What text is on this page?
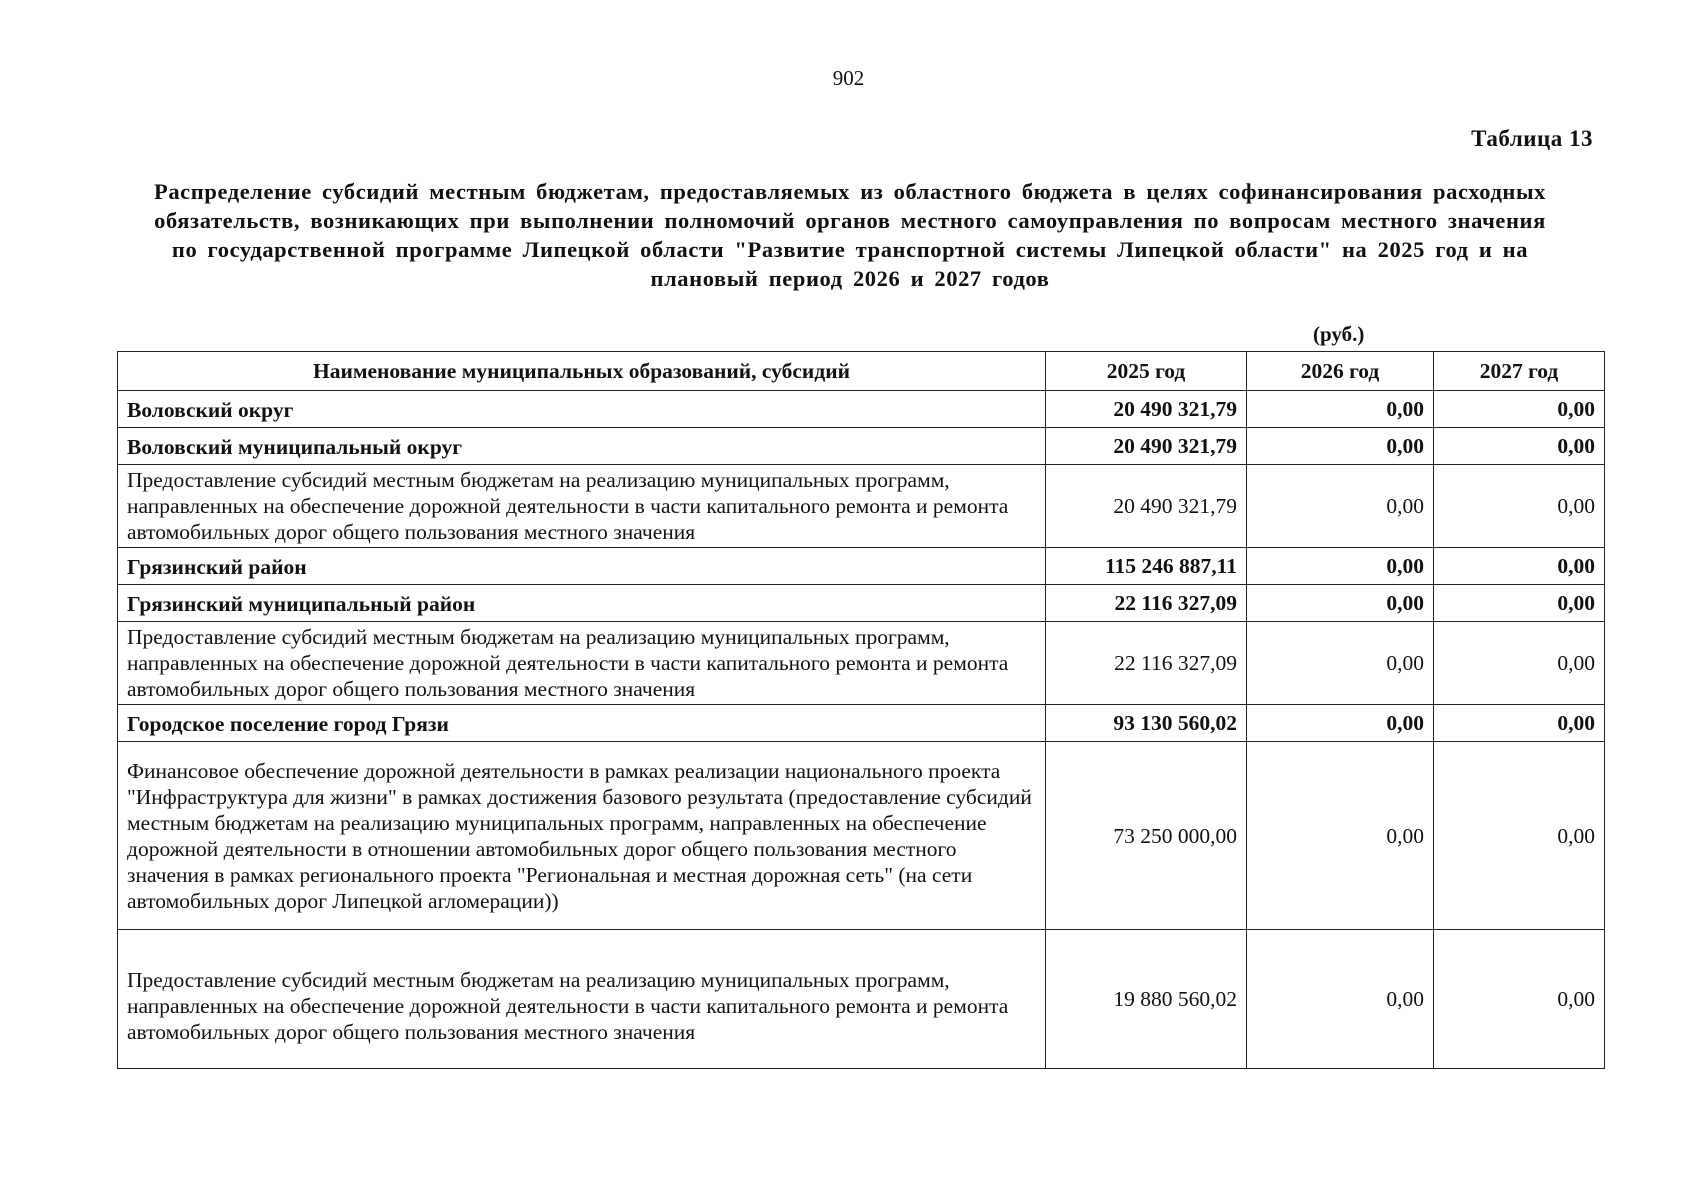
902
Таблица 13
Распределение субсидий местным бюджетам, предоставляемых из областного бюджета в целях софинансирования расходных обязательств, возникающих при выполнении полномочий органов местного самоуправления по вопросам местного значения по государственной программе Липецкой области "Развитие транспортной системы Липецкой области" на 2025 год и на плановый период 2026 и 2027 годов
(руб.)
Наименование муниципальных образований, субсидий	2025 год	2026 год	2027 год
Воловский округ	20 490 321,79	0,00	0,00
Воловский муниципальный округ	20 490 321,79	0,00	0,00
Предоставление субсидий местным бюджетам на реализацию муниципальных программ, направленных на обеспечение дорожной деятельности в части капитального ремонта и ремонта автомобильных дорог общего пользования местного значения	20 490 321,79	0,00	0,00
Грязинский район	115 246 887,11	0,00	0,00
Грязинский муниципальный район	22 116 327,09	0,00	0,00
Предоставление субсидий местным бюджетам на реализацию муниципальных программ, направленных на обеспечение дорожной деятельности в части капитального ремонта и ремонта автомобильных дорог общего пользования местного значения	22 116 327,09	0,00	0,00
Городское поселение город Грязи	93 130 560,02	0,00	0,00
Финансовое обеспечение дорожной деятельности в рамках реализации национального проекта "Инфраструктура для жизни" в рамках достижения базового результата (предоставление субсидий местным бюджетам на реализацию муниципальных программ, направленных на обеспечение дорожной деятельности в отношении автомобильных дорог общего пользования местного значения в рамках регионального проекта "Региональная и местная дорожная сеть" (на сети автомобильных дорог Липецкой агломерации))	73 250 000,00	0,00	0,00
Предоставление субсидий местным бюджетам на реализацию муниципальных программ, направленных на обеспечение дорожной деятельности в части капитального ремонта и ремонта автомобильных дорог общего пользования местного значения	19 880 560,02	0,00	0,00
